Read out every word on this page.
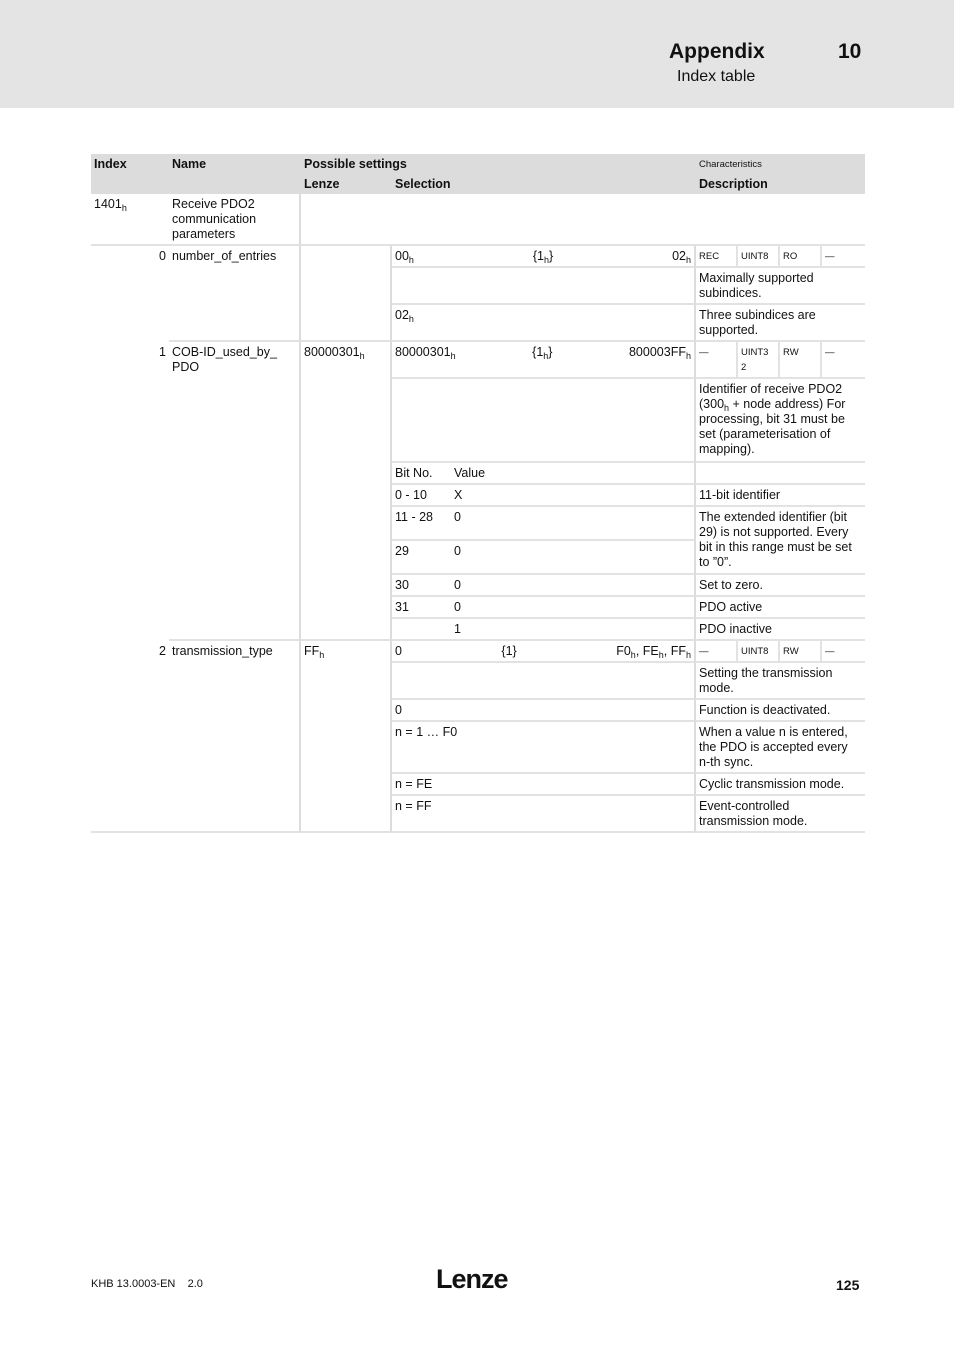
Appendix	10
Index table
Index	Name	Possible settings		Characteristics			
		Lenze	Selection	Description			
$1401_h$	Receive PDO2 communication parameters						
0	number_of_entries		$00_h$ $\{1_h\}$ $02_h$	REC	UINT8	RO	—
				Maximally supported subindices.			
			$02_h$	Three subindices are supported.			
1	COB-ID_used_by_ PDO	$80000301_h$	$80000301_h$ $\{1_h\}$ $800003FF_h$	—	UINT3 2	RW	—
				Identifier of receive PDO2 ($300_h$ + node address) For processing, bit 31 must be set (parameterisation of mapping).			

			Bit No. Value				

			0 - 10 X	11-bit identifier			

			11 - 28 0	The extended identifier (bit 29) is not supported. Every bit in this range must be set to ”0”.			

			29 0				

			30 0	Set to zero.			

			31 0	PDO active			

			1	PDO inactive			
2	transmission_type	$FF_h$	0 {1} $F0_h$, $FE_h$, $FF_h$	—	UINT8	RW	—
				Setting the transmission mode.			
			0	Function is deactivated.			
			n = 1 … F0	When a value n is entered, the PDO is accepted every n-th sync.			
			n = FE	Cyclic transmission mode.			
			n = FF	Event-controlled transmission mode.			
KHB 13.0003-EN 2.0	Lenze	125
